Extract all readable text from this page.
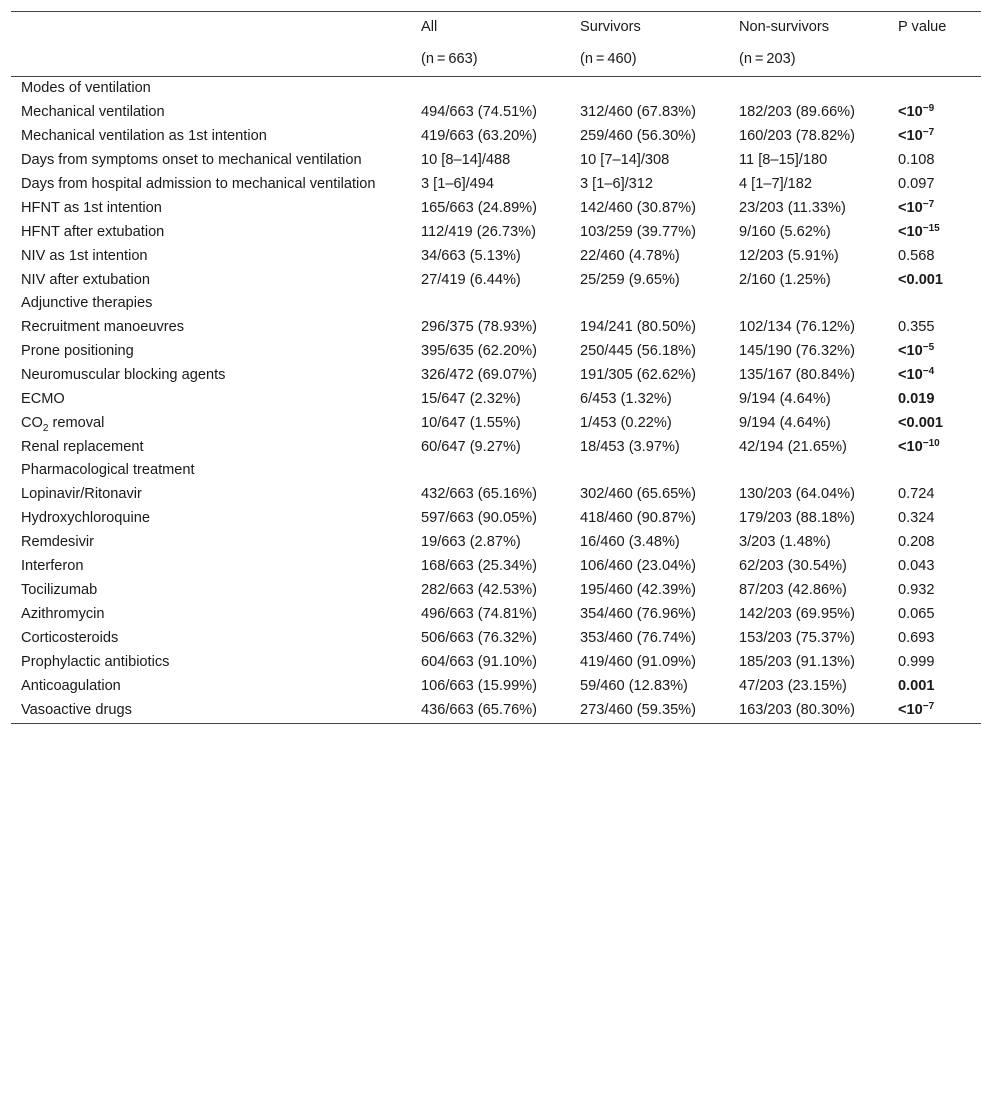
	All	Survivors	Non-survivors	P value
	(n = 663)	(n = 460)	(n = 203)	
Modes of ventilation				
Mechanical ventilation	494/663 (74.51%)	312/460 (67.83%)	182/203 (89.66%)	$<10^{-9}$
Mechanical ventilation as 1st intention	419/663 (63.20%)	259/460 (56.30%)	160/203 (78.82%)	$<10^{-7}$
Days from symptoms onset to mechanical ventilation	10 [8–14]/488	10 [7–14]/308	11 [8–15]/180	0.108
Days from hospital admission to mechanical ventilation	3 [1–6]/494	3 [1–6]/312	4 [1–7]/182	0.097
HFNT as 1st intention	165/663 (24.89%)	142/460 (30.87%)	23/203 (11.33%)	$<10^{-7}$
HFNT after extubation	112/419 (26.73%)	103/259 (39.77%)	9/160 (5.62%)	$<10^{-15}$
NIV as 1st intention	34/663 (5.13%)	22/460 (4.78%)	12/203 (5.91%)	0.568
NIV after extubation	27/419 (6.44%)	25/259 (9.65%)	2/160 (1.25%)	<0.001
Adjunctive therapies				
Recruitment manoeuvres	296/375 (78.93%)	194/241 (80.50%)	102/134 (76.12%)	0.355
Prone positioning	395/635 (62.20%)	250/445 (56.18%)	145/190 (76.32%)	$<10^{-5}$
Neuromuscular blocking agents	326/472 (69.07%)	191/305 (62.62%)	135/167 (80.84%)	$<10^{-4}$
ECMO	15/647 (2.32%)	6/453 (1.32%)	9/194 (4.64%)	0.019
$CO_2$ removal	10/647 (1.55%)	1/453 (0.22%)	9/194 (4.64%)	<0.001
Renal replacement	60/647 (9.27%)	18/453 (3.97%)	42/194 (21.65%)	$<10^{-10}$
Pharmacological treatment				
Lopinavir/Ritonavir	432/663 (65.16%)	302/460 (65.65%)	130/203 (64.04%)	0.724
Hydroxychloroquine	597/663 (90.05%)	418/460 (90.87%)	179/203 (88.18%)	0.324
Remdesivir	19/663 (2.87%)	16/460 (3.48%)	3/203 (1.48%)	0.208
Interferon	168/663 (25.34%)	106/460 (23.04%)	62/203 (30.54%)	0.043
Tocilizumab	282/663 (42.53%)	195/460 (42.39%)	87/203 (42.86%)	0.932
Azithromycin	496/663 (74.81%)	354/460 (76.96%)	142/203 (69.95%)	0.065
Corticosteroids	506/663 (76.32%)	353/460 (76.74%)	153/203 (75.37%)	0.693
Prophylactic antibiotics	604/663 (91.10%)	419/460 (91.09%)	185/203 (91.13%)	0.999
Anticoagulation	106/663 (15.99%)	59/460 (12.83%)	47/203 (23.15%)	0.001
Vasoactive drugs	436/663 (65.76%)	273/460 (59.35%)	163/203 (80.30%)	$<10^{-7}$
